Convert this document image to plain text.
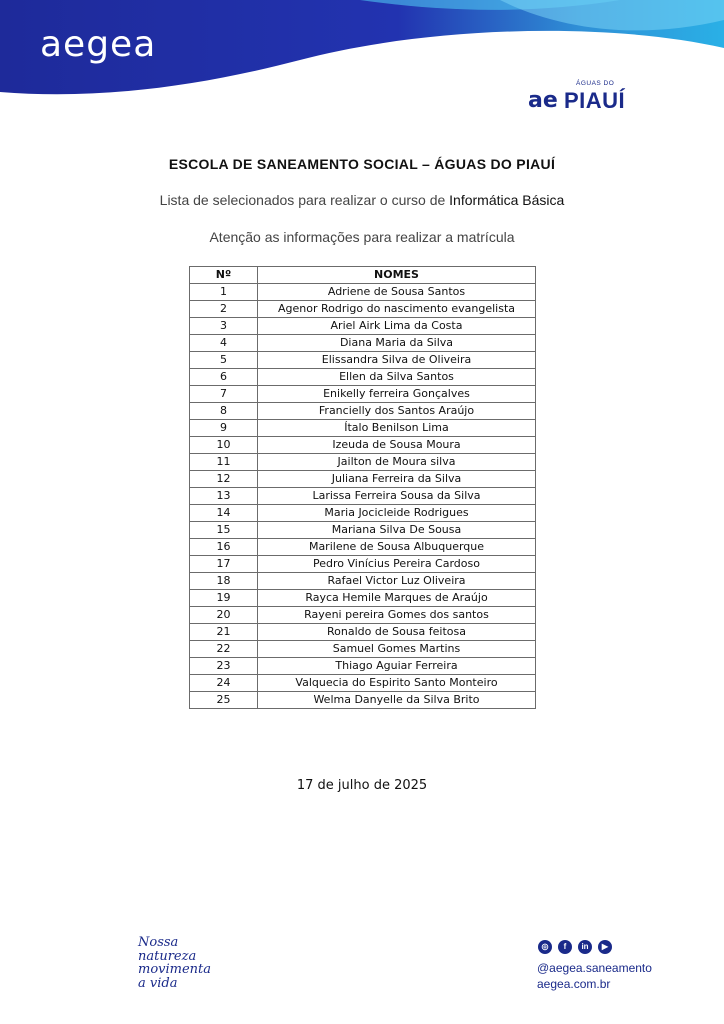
aegea
ÁGUAS DO
ae PIAUÍ
ESCOLA DE SANEAMENTO SOCIAL – ÁGUAS DO PIAUÍ
Lista de selecionados para realizar o curso de Informática Básica
Atenção as informações para realizar a matrícula
Nº	NOMES
1	Adriene de Sousa Santos
2	Agenor Rodrigo do nascimento evangelista
3	Ariel Airk Lima da Costa
4	Diana Maria da Silva
5	Elissandra Silva de Oliveira
6	Ellen da Silva Santos
7	Enikelly ferreira Gonçalves
8	Francielly dos Santos Araújo
9	Ítalo Benilson Lima
10	Izeuda de Sousa Moura
11	Jailton de Moura silva
12	Juliana Ferreira da Silva
13	Larissa Ferreira Sousa da Silva
14	Maria Jocicleide Rodrigues
15	Mariana Silva De Sousa
16	Marilene de Sousa Albuquerque
17	Pedro Vinícius Pereira Cardoso
18	Rafael Victor Luz Oliveira
19	Rayca Hemile Marques de Araújo
20	Rayeni pereira Gomes dos santos
21	Ronaldo de Sousa feitosa
22	Samuel Gomes Martins
23	Thiago Aguiar Ferreira
24	Valquecia do Espirito Santo Monteiro
25	Welma Danyelle da Silva Brito
17 de julho de 2025
Nossa
natureza
movimenta
a vida
◎	f	in	▶
@aegea.saneamento
aegea.com.br
